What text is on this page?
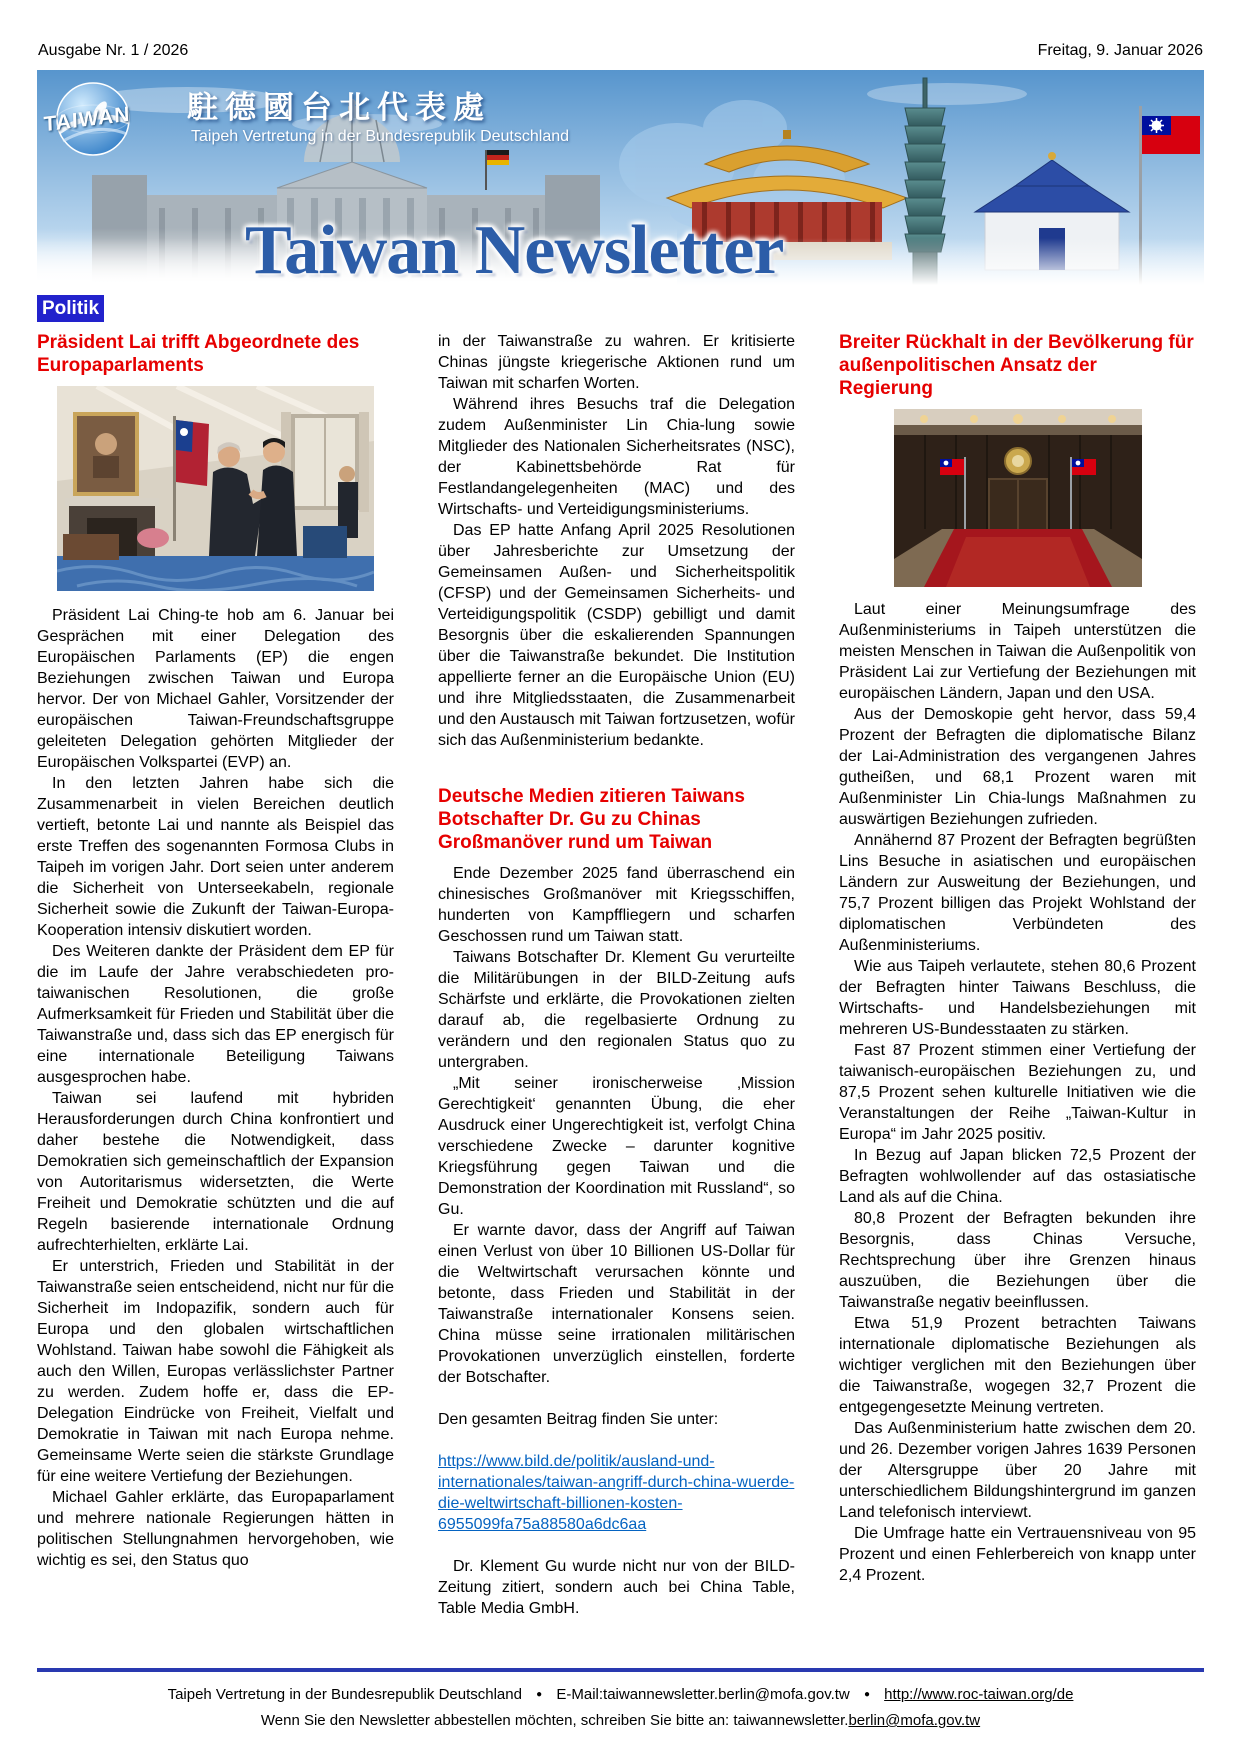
Ausgabe Nr. 1 / 2026	Freitag, 9. Januar 2026
TAIWAN 駐德國台北代表處
Taipeh Vertretung in der Bundesrepublik Deutschland
Taiwan Newsletter
Politik
Präsident Lai trifft Abgeordnete des Europaparlaments

Präsident Lai Ching-te hob am 6. Januar bei Gesprächen mit einer Delegation des Europäischen Parlaments (EP) die engen Beziehungen zwischen Taiwan und Europa hervor. Der von Michael Gahler, Vorsitzender der europäischen Taiwan-Freundschaftsgruppe geleiteten Delegation gehörten Mitglieder der Europäischen Volkspartei (EVP) an.

In den letzten Jahren habe sich die Zusammenarbeit in vielen Bereichen deutlich vertieft, betonte Lai und nannte als Beispiel das erste Treffen des sogenannten Formosa Clubs in Taipeh im vorigen Jahr. Dort seien unter anderem die Sicherheit von Unterseekabeln, regionale Sicherheit sowie die Zukunft der Taiwan-Europa-Kooperation intensiv diskutiert worden.

Des Weiteren dankte der Präsident dem EP für die im Laufe der Jahre verabschiedeten pro-taiwanischen Resolutionen, die große Aufmerksamkeit für Frieden und Stabilität über die Taiwanstraße und, dass sich das EP energisch für eine internationale Beteiligung Taiwans ausgesprochen habe.

Taiwan sei laufend mit hybriden Herausforderungen durch China konfrontiert und daher bestehe die Notwendigkeit, dass Demokratien sich gemeinschaftlich der Expansion von Autoritarismus widersetzten, die Werte Freiheit und Demokratie schützten und die auf Regeln basierende internationale Ordnung aufrechterhielten, erklärte Lai.

Er unterstrich, Frieden und Stabilität in der Taiwanstraße seien entscheidend, nicht nur für die Sicherheit im Indopazifik, sondern auch für Europa und den globalen wirtschaftlichen Wohlstand. Taiwan habe sowohl die Fähigkeit als auch den Willen, Europas verlässlichster Partner zu werden. Zudem hoffe er, dass die EP-Delegation Eindrücke von Freiheit, Vielfalt und Demokratie in Taiwan mit nach Europa nehme. Gemeinsame Werte seien die stärkste Grundlage für eine weitere Vertiefung der Beziehungen.

Michael Gahler erklärte, das Europaparlament und mehrere nationale Regierungen hätten in politischen Stellungnahmen hervorgehoben, wie wichtig es sei, den Status quo

in der Taiwanstraße zu wahren. Er kritisierte Chinas jüngste kriegerische Aktionen rund um Taiwan mit scharfen Worten.

Während ihres Besuchs traf die Delegation zudem Außenminister Lin Chia-lung sowie Mitglieder des Nationalen Sicherheitsrates (NSC), der Kabinettsbehörde Rat für Festlandangelegenheiten (MAC) und des Wirtschafts- und Verteidigungsministeriums.

Das EP hatte Anfang April 2025 Resolutionen über Jahresberichte zur Umsetzung der Gemeinsamen Außen- und Sicherheitspolitik (CFSP) und der Gemeinsamen Sicherheits- und Verteidigungspolitik (CSDP) gebilligt und damit Besorgnis über die eskalierenden Spannungen über die Taiwanstraße bekundet. Die Institution appellierte ferner an die Europäische Union (EU) und ihre Mitgliedsstaaten, die Zusammenarbeit und den Austausch mit Taiwan fortzusetzen, wofür sich das Außenministerium bedankte.

Deutsche Medien zitieren Taiwans Botschafter Dr. Gu zu Chinas Großmanöver rund um Taiwan

Ende Dezember 2025 fand überraschend ein chinesisches Großmanöver mit Kriegsschiffen, hunderten von Kampffliegern und scharfen Geschossen rund um Taiwan statt.

Taiwans Botschafter Dr. Klement Gu verurteilte die Militärübungen in der BILD-Zeitung aufs Schärfste und erklärte, die Provokationen zielten darauf ab, die regelbasierte Ordnung zu verändern und den regionalen Status quo zu untergraben.

„Mit seiner ironischerweise ‚Mission Gerechtigkeit‘ genannten Übung, die eher Ausdruck einer Ungerechtigkeit ist, verfolgt China verschiedene Zwecke – darunter kognitive Kriegsführung gegen Taiwan und die Demonstration der Koordination mit Russland“, so Gu.

Er warnte davor, dass der Angriff auf Taiwan einen Verlust von über 10 Billionen US-Dollar für die Weltwirtschaft verursachen könnte und betonte, dass Frieden und Stabilität in der Taiwanstraße internationaler Konsens seien. China müsse seine irrationalen militärischen Provokationen unverzüglich einstellen, forderte der Botschafter.

Den gesamten Beitrag finden Sie unter:

https://www.bild.de/politik/ausland-und-internationales/taiwan-angriff-durch-china-wuerde-die-weltwirtschaft-billionen-kosten-6955099fa75a88580a6dc6aa

Dr. Klement Gu wurde nicht nur von der BILD-Zeitung zitiert, sondern auch bei China Table, Table Media GmbH.

Breiter Rückhalt in der Bevölkerung für außenpolitischen Ansatz der Regierung

Laut einer Meinungsumfrage des Außenministeriums in Taipeh unterstützen die meisten Menschen in Taiwan die Außenpolitik von Präsident Lai zur Vertiefung der Beziehungen mit europäischen Ländern, Japan und den USA.

Aus der Demoskopie geht hervor, dass 59,4 Prozent der Befragten die diplomatische Bilanz der Lai-Administration des vergangenen Jahres gutheißen, und 68,1 Prozent waren mit Außenminister Lin Chia-lungs Maßnahmen zu auswärtigen Beziehungen zufrieden.

Annähernd 87 Prozent der Befragten begrüßten Lins Besuche in asiatischen und europäischen Ländern zur Ausweitung der Beziehungen, und 75,7 Prozent billigen das Projekt Wohlstand der diplomatischen Verbündeten des Außenministeriums.

Wie aus Taipeh verlautete, stehen 80,6 Prozent der Befragten hinter Taiwans Beschluss, die Wirtschafts- und Handelsbeziehungen mit mehreren US-Bundesstaaten zu stärken.

Fast 87 Prozent stimmen einer Vertiefung der taiwanisch-europäischen Beziehungen zu, und 87,5 Prozent sehen kulturelle Initiativen wie die Veranstaltungen der Reihe „Taiwan-Kultur in Europa“ im Jahr 2025 positiv.

In Bezug auf Japan blicken 72,5 Prozent der Befragten wohlwollender auf das ostasiatische Land als auf die China.

80,8 Prozent der Befragten bekunden ihre Besorgnis, dass Chinas Versuche, Rechtsprechung über ihre Grenzen hinaus auszuüben, die Beziehungen über die Taiwanstraße negativ beeinflussen.

Etwa 51,9 Prozent betrachten Taiwans internationale diplomatische Beziehungen als wichtiger verglichen mit den Beziehungen über die Taiwanstraße, wogegen 32,7 Prozent die entgegengesetzte Meinung vertreten.

Das Außenministerium hatte zwischen dem 20. und 26. Dezember vorigen Jahres 1639 Personen der Altersgruppe über 20 Jahre mit unterschiedlichem Bildungshintergrund im ganzen Land telefonisch interviewt.

Die Umfrage hatte ein Vertrauensniveau von 95 Prozent und einen Fehlerbereich von knapp unter 2,4 Prozent.

Taipeh Vertretung in der Bundesrepublik Deutschland ● E-Mail:taiwannewsletter.berlin@mofa.gov.tw ● http://www.roc-taiwan.org/de
Wenn Sie den Newsletter abbestellen möchten, schreiben Sie bitte an: taiwannewsletter.berlin@mofa.gov.tw
